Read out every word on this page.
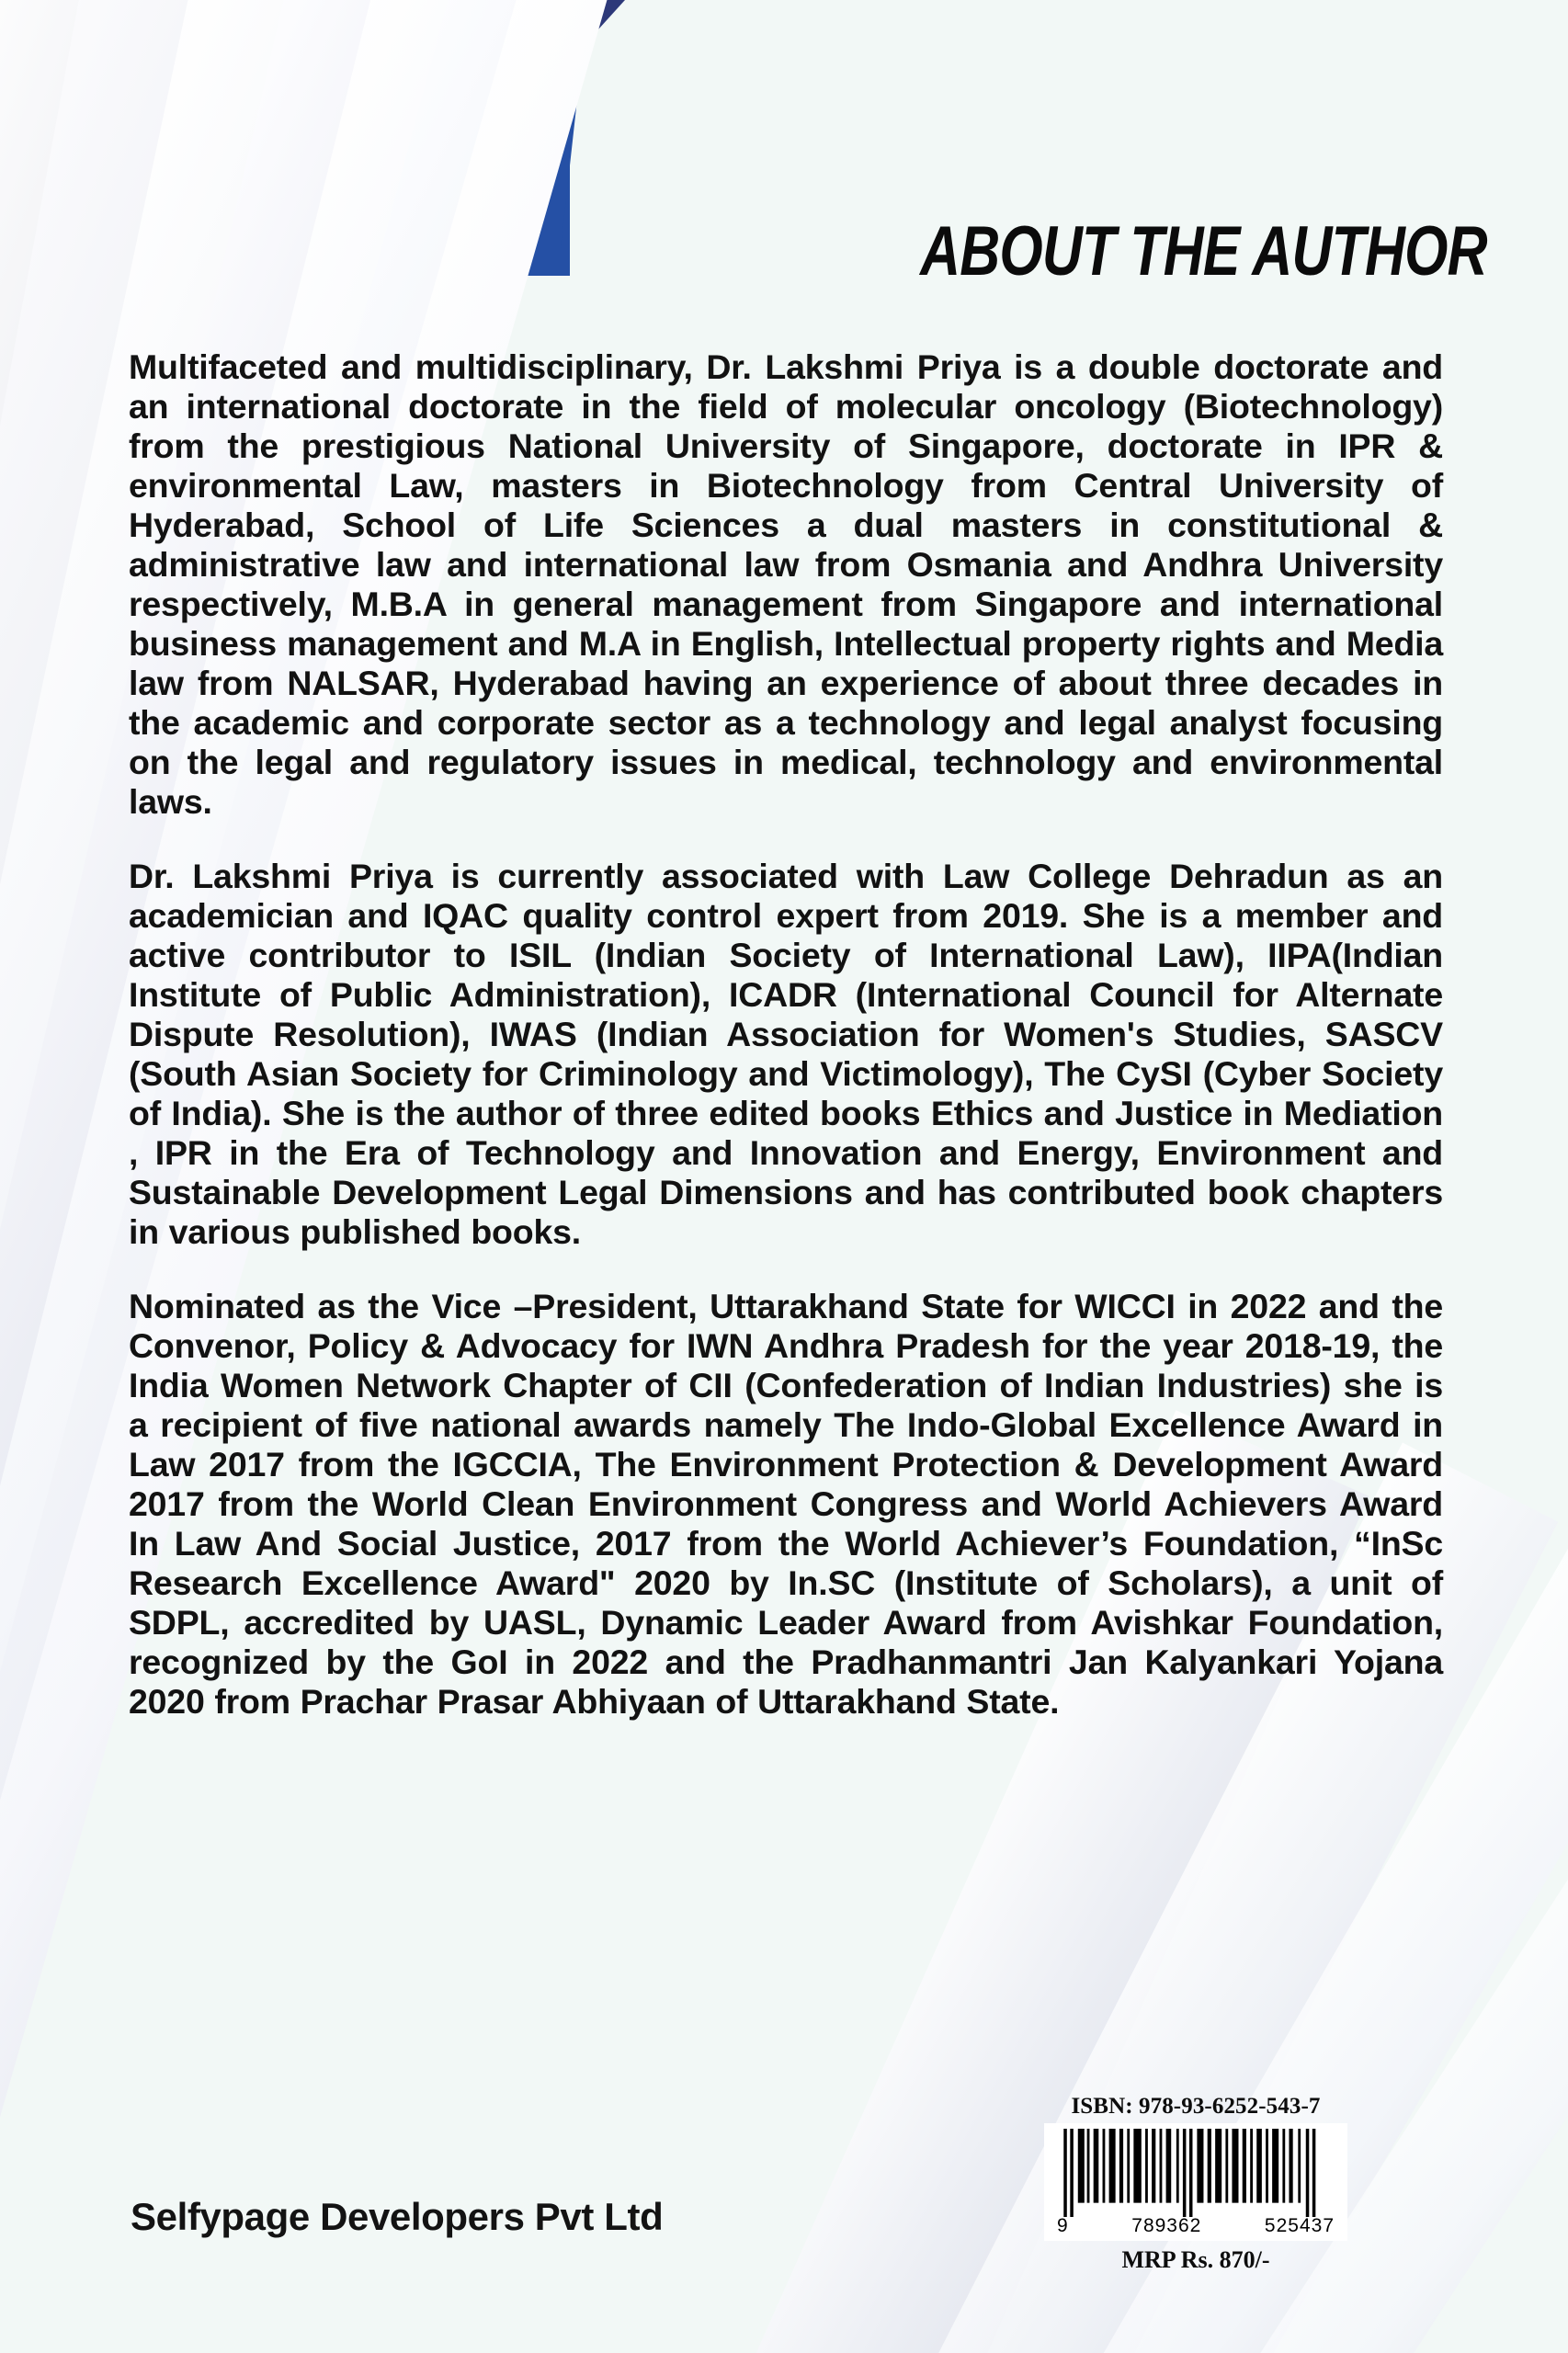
ABOUT THE AUTHOR

Multifaceted and multidisciplinary, Dr. Lakshmi Priya is a double doctorate and an international doctorate in the field of molecular oncology (Biotechnology) from the prestigious National University of Singapore, doctorate in IPR & environmental Law, masters in Biotechnology from Central University of Hyderabad, School of Life Sciences a dual masters in constitutional & administrative law and international law from Osmania and Andhra University respectively, M.B.A in general management from Singapore and international business management and M.A in English, Intellectual property rights and Media law from NALSAR, Hyderabad having an experience of about three decades in the academic and corporate sector as a technology and legal analyst focusing on the legal and regulatory issues in medical, technology and environmental laws.

Dr. Lakshmi Priya is currently associated with Law College Dehradun as an academician and IQAC quality control expert from 2019. She is a member and active contributor to ISIL (Indian Society of International Law), IIPA(Indian Institute of Public Administration), ICADR (International Council for Alternate Dispute Resolution), IWAS (Indian Association for Women's Studies, SASCV (South Asian Society for Criminology and Victimology), The CySI (Cyber Society of India). She is the author of three edited books Ethics and Justice in Mediation , IPR in the Era of Technology and Innovation and Energy, Environment and Sustainable Development Legal Dimensions and has contributed book chapters in various published books.

Nominated as the Vice –President, Uttarakhand State for WICCI in 2022 and the Convenor, Policy & Advocacy for IWN Andhra Pradesh for the year 2018-19, the India Women Network Chapter of CII (Confederation of Indian Industries) she is a recipient of five national awards namely The Indo-Global Excellence Award in Law 2017 from the IGCCIA, The Environment Protection & Development Award 2017 from the World Clean Environment Congress and World Achievers Award In Law And Social Justice, 2017 from the World Achiever’s Foundation, “InSc Research Excellence Award" 2020 by In.SC (Institute of Scholars), a unit of SDPL, accredited by UASL, Dynamic Leader Award from Avishkar Foundation, recognized by the GoI in 2022 and the Pradhanmantri Jan Kalyankari Yojana 2020 from Prachar Prasar Abhiyaan of Uttarakhand State.

Selfypage Developers Pvt Ltd
ISBN: 978-93-6252-543-7
9	789362	525437
MRP Rs. 870/-
